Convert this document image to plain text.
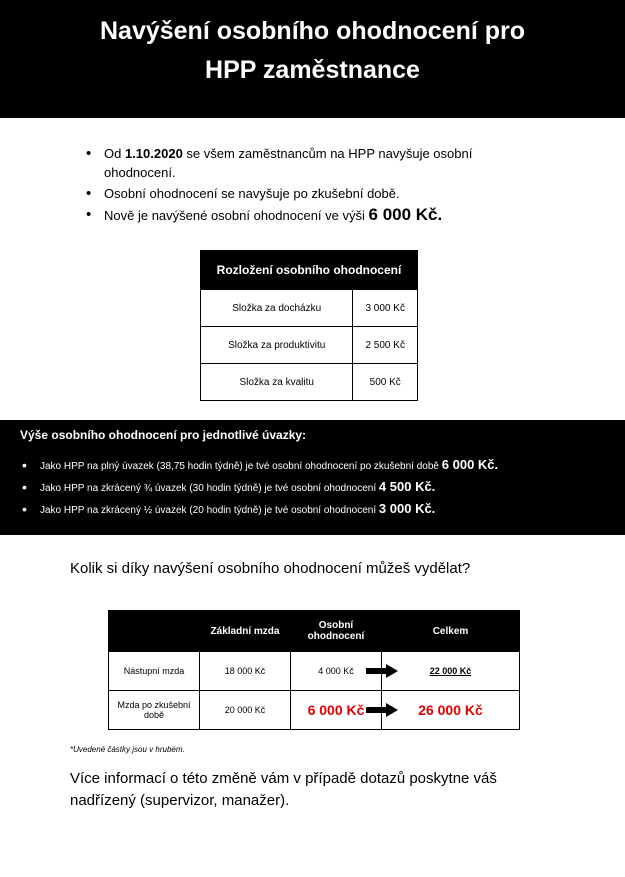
Navýšení osobního ohodnocení pro
HPP zaměstnance
• Od 1.10.2020 se všem zaměstnancům na HPP navyšuje osobní ohodnocení.
• Osobní ohodnocení se navyšuje po zkušební době.
• Nově je navýšené osobní ohodnocení ve výši 6 000 Kč.
Rozložení osobního ohodnocení	
Složka za docházku	3 000 Kč
Složka za produktivitu	2 500 Kč
Složka za kvalitu	500 Kč
Výše osobního ohodnocení pro jednotlivé úvazky:
• Jako HPP na plný úvazek (38,75 hodin týdně) je tvé osobní ohodnocení po zkušební době 6 000 Kč.
• Jako HPP na zkrácený ¾ úvazek (30 hodin týdně) je tvé osobní ohodnocení 4 500 Kč.
• Jako HPP na zkrácený ½ úvazek (20 hodin týdně) je tvé osobní ohodnocení 3 000 Kč.
Kolik si díky navýšení osobního ohodnocení můžeš vydělat?
	Základní mzda	Osobní ohodnocení	Celkem
Nástupní mzda	18 000 Kč	4 000 Kč	22 000 Kč
Mzda po zkušební době	20 000 Kč	6 000 Kč	26 000 Kč
*Uvedené částky jsou v hrubém.
Více informací o této změně vám v případě dotazů poskytne váš nadřízený (supervizor, manažer).
